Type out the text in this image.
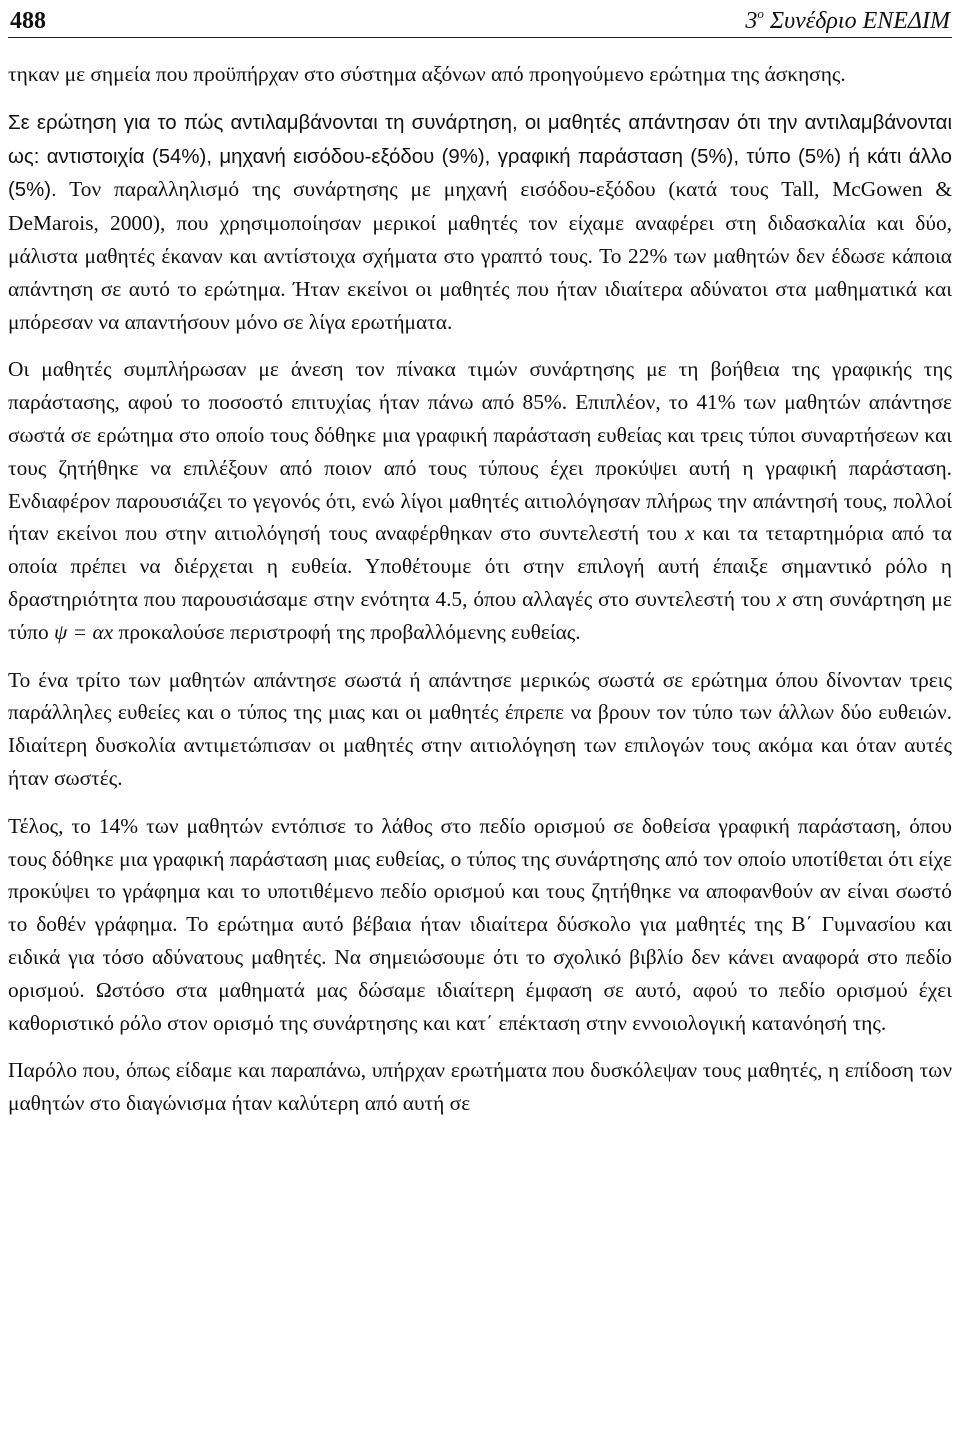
488	$3^o$ Συνέδριο ΕΝΕΔΙΜ

τηκαν με σημεία που προϋπήρχαν στο σύστημα αξόνων από προηγούμενο ερώτημα της άσκησης.

Σε ερώτηση για το πώς αντιλαμβάνονται τη συνάρτηση, οι μαθητές απάντησαν ότι την αντιλαμβάνονται ως: αντιστοιχία (54%), μηχανή εισόδου-εξόδου (9%), γραφική παράσταση (5%), τύπο (5%) ή κάτι άλλο (5%). Τον παραλληλισμό της συνάρτησης με μηχανή εισόδου-εξόδου (κατά τους Tall, McGowen & DeMarois, 2000), που χρησιμοποίησαν μερικοί μαθητές τον είχαμε αναφέρει στη διδασκαλία και δύο, μάλιστα μαθητές έκαναν και αντίστοιχα σχήματα στο γραπτό τους. Το 22% των μαθητών δεν έδωσε κάποια απάντηση σε αυτό το ερώτημα. Ήταν εκείνοι οι μαθητές που ήταν ιδιαίτερα αδύνατοι στα μαθηματικά και μπόρεσαν να απαντήσουν μόνο σε λίγα ερωτήματα.

Οι μαθητές συμπλήρωσαν με άνεση τον πίνακα τιμών συνάρτησης με τη βοήθεια της γραφικής της παράστασης, αφού το ποσοστό επιτυχίας ήταν πάνω από 85%. Επιπλέον, το 41% των μαθητών απάντησε σωστά σε ερώτημα στο οποίο τους δόθηκε μια γραφική παράσταση ευθείας και τρεις τύποι συναρτήσεων και τους ζητήθηκε να επιλέξουν από ποιον από τους τύπους έχει προκύψει αυτή η γραφική παράσταση. Ενδιαφέρον παρουσιάζει το γεγονός ότι, ενώ λίγοι μαθητές αιτιολόγησαν πλήρως την απάντησή τους, πολλοί ήταν εκείνοι που στην αιτιολόγησή τους αναφέρθηκαν στο συντελεστή του x και τα τεταρτημόρια από τα οποία πρέπει να διέρχεται η ευθεία. Υποθέτουμε ότι στην επιλογή αυτή έπαιξε σημαντικό ρόλο η δραστηριότητα που παρουσιάσαμε στην ενότητα 4.5, όπου αλλαγές στο συντελεστή του x στη συνάρτηση με τύπο ψ = αx προκαλούσε περιστροφή της προβαλλόμενης ευθείας.

Το ένα τρίτο των μαθητών απάντησε σωστά ή απάντησε μερικώς σωστά σε ερώτημα όπου δίνονταν τρεις παράλληλες ευθείες και ο τύπος της μιας και οι μαθητές έπρεπε να βρουν τον τύπο των άλλων δύο ευθειών. Ιδιαίτερη δυσκολία αντιμετώπισαν οι μαθητές στην αιτιολόγηση των επιλογών τους ακόμα και όταν αυτές ήταν σωστές.

Τέλος, το 14% των μαθητών εντόπισε το λάθος στο πεδίο ορισμού σε δοθείσα γραφική παράσταση, όπου τους δόθηκε μια γραφική παράσταση μιας ευθείας, ο τύπος της συνάρτησης από τον οποίο υποτίθεται ότι είχε προκύψει το γράφημα και το υποτιθέμενο πεδίο ορισμού και τους ζητήθηκε να αποφανθούν αν είναι σωστό το δοθέν γράφημα. Το ερώτημα αυτό βέβαια ήταν ιδιαίτερα δύσκολο για μαθητές της Β΄ Γυμνασίου και ειδικά για τόσο αδύνατους μαθητές. Να σημειώσουμε ότι το σχολικό βιβλίο δεν κάνει αναφορά στο πεδίο ορισμού. Ωστόσο στα μαθηματά μας δώσαμε ιδιαίτερη έμφαση σε αυτό, αφού το πεδίο ορισμού έχει καθοριστικό ρόλο στον ορισμό της συνάρτησης και κατ΄ επέκταση στην εννοιολογική κατανόησή της.

Παρόλο που, όπως είδαμε και παραπάνω, υπήρχαν ερωτήματα που δυσκόλεψαν τους μαθητές, η επίδοση των μαθητών στο διαγώνισμα ήταν καλύτερη από αυτή σε
